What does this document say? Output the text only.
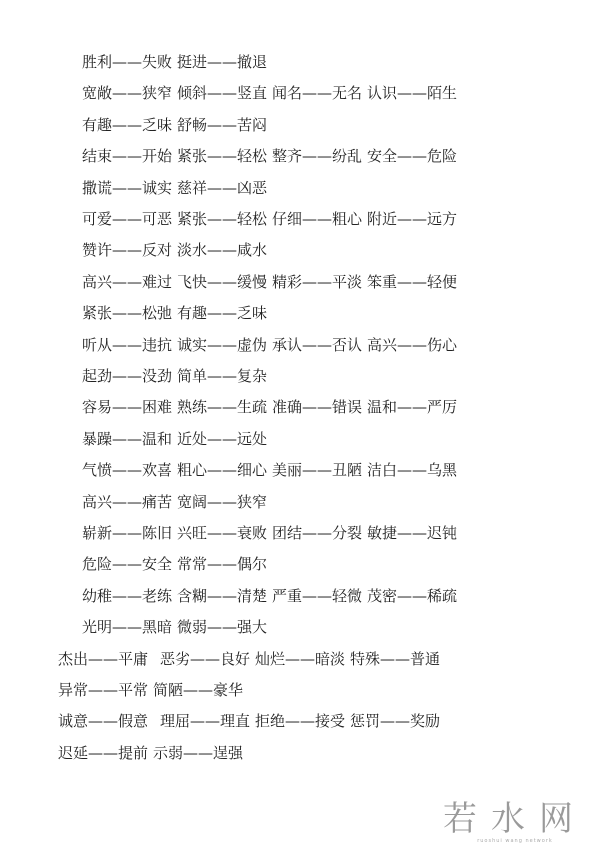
胜利——失败 挺进——撤退
宽敞——狭窄 倾斜——竖直 闻名——无名 认识——陌生
有趣——乏味 舒畅——苦闷
结束——开始 紧张——轻松 整齐——纷乱 安全——危险
撒谎——诚实 慈祥——凶恶
可爱——可恶 紧张——轻松 仔细——粗心 附近——远方
赞许——反对 淡水——咸水
高兴——难过 飞快——缓慢 精彩——平淡 笨重——轻便
紧张——松弛 有趣——乏味
听从——违抗 诚实——虚伪 承认——否认 高兴——伤心
起劲——没劲 简单——复杂
容易——困难 熟练——生疏 准确——错误 温和——严厉
暴躁——温和 近处——远处
气愤——欢喜 粗心——细心 美丽——丑陋 洁白——乌黑
高兴——痛苦 宽阔——狭窄
崭新——陈旧 兴旺——衰败 团结——分裂 敏捷——迟钝
危险——安全 常常——偶尔
幼稚——老练 含糊——清楚 严重——轻微 茂密——稀疏
光明——黑暗 微弱——强大
杰出——平庸 恶劣——良好 灿烂——暗淡 特殊——普通
异常——平常 简陋——豪华
诚意——假意 理屈——理直 拒绝——接受 惩罚——奖励
迟延——提前 示弱——逞强
若水网
ruoshui wang network
